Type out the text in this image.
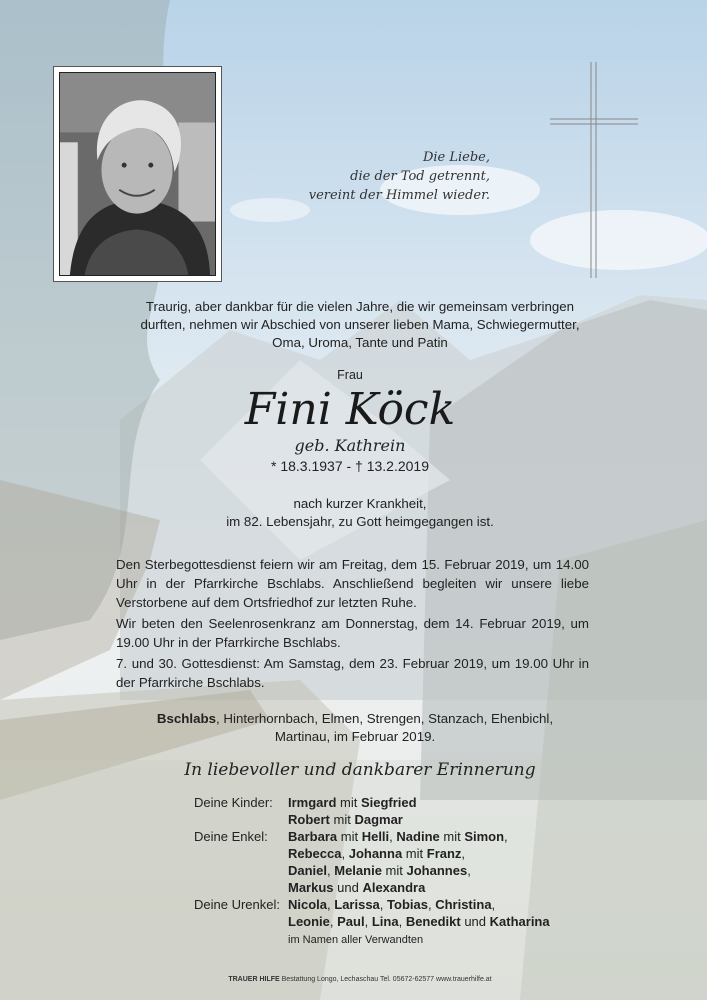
Die Liebe,
die der Tod getrennt,
vereint der Himmel wieder.
Traurig, aber dankbar für die vielen Jahre, die wir gemeinsam verbringen
durften, nehmen wir Abschied von unserer lieben Mama, Schwiegermutter,
Oma, Uroma, Tante und Patin
Frau
Fini Köck
geb. Kathrein
* 18.3.1937 - † 13.2.2019
nach kurzer Krankheit,
im 82. Lebensjahr, zu Gott heimgegangen ist.
Den Sterbegottesdienst feiern wir am Freitag, dem 15. Februar 2019, um 14.00 Uhr in der Pfarrkirche Bschlabs. Anschließend begleiten wir unsere liebe Verstorbene auf dem Ortsfriedhof zur letzten Ruhe.
Wir beten den Seelenrosenkranz am Donnerstag, dem 14. Februar 2019, um 19.00 Uhr in der Pfarrkirche Bschlabs.
7. und 30. Gottesdienst: Am Samstag, dem 23. Februar 2019, um 19.00 Uhr in der Pfarrkirche Bschlabs.
Bschlabs, Hinterhornbach, Elmen, Strengen, Stanzach, Ehenbichl,
Martinau, im Februar 2019.
In liebevoller und dankbarer Erinnerung
Deine Kinder:	Irmgard mit Siegfried
Robert mit Dagmar
Deine Enkel:	Barbara mit Helli, Nadine mit Simon,
Rebecca, Johanna mit Franz,
Daniel, Melanie mit Johannes,
Markus und Alexandra
Deine Urenkel: Nicola, Larissa, Tobias, Christina,
Leonie, Paul, Lina, Benedikt und Katharina
im Namen aller Verwandten
TRAUER HILFE Bestattung Longo, Lechaschau Tel. 05672-62577 www.trauerhilfe.at
